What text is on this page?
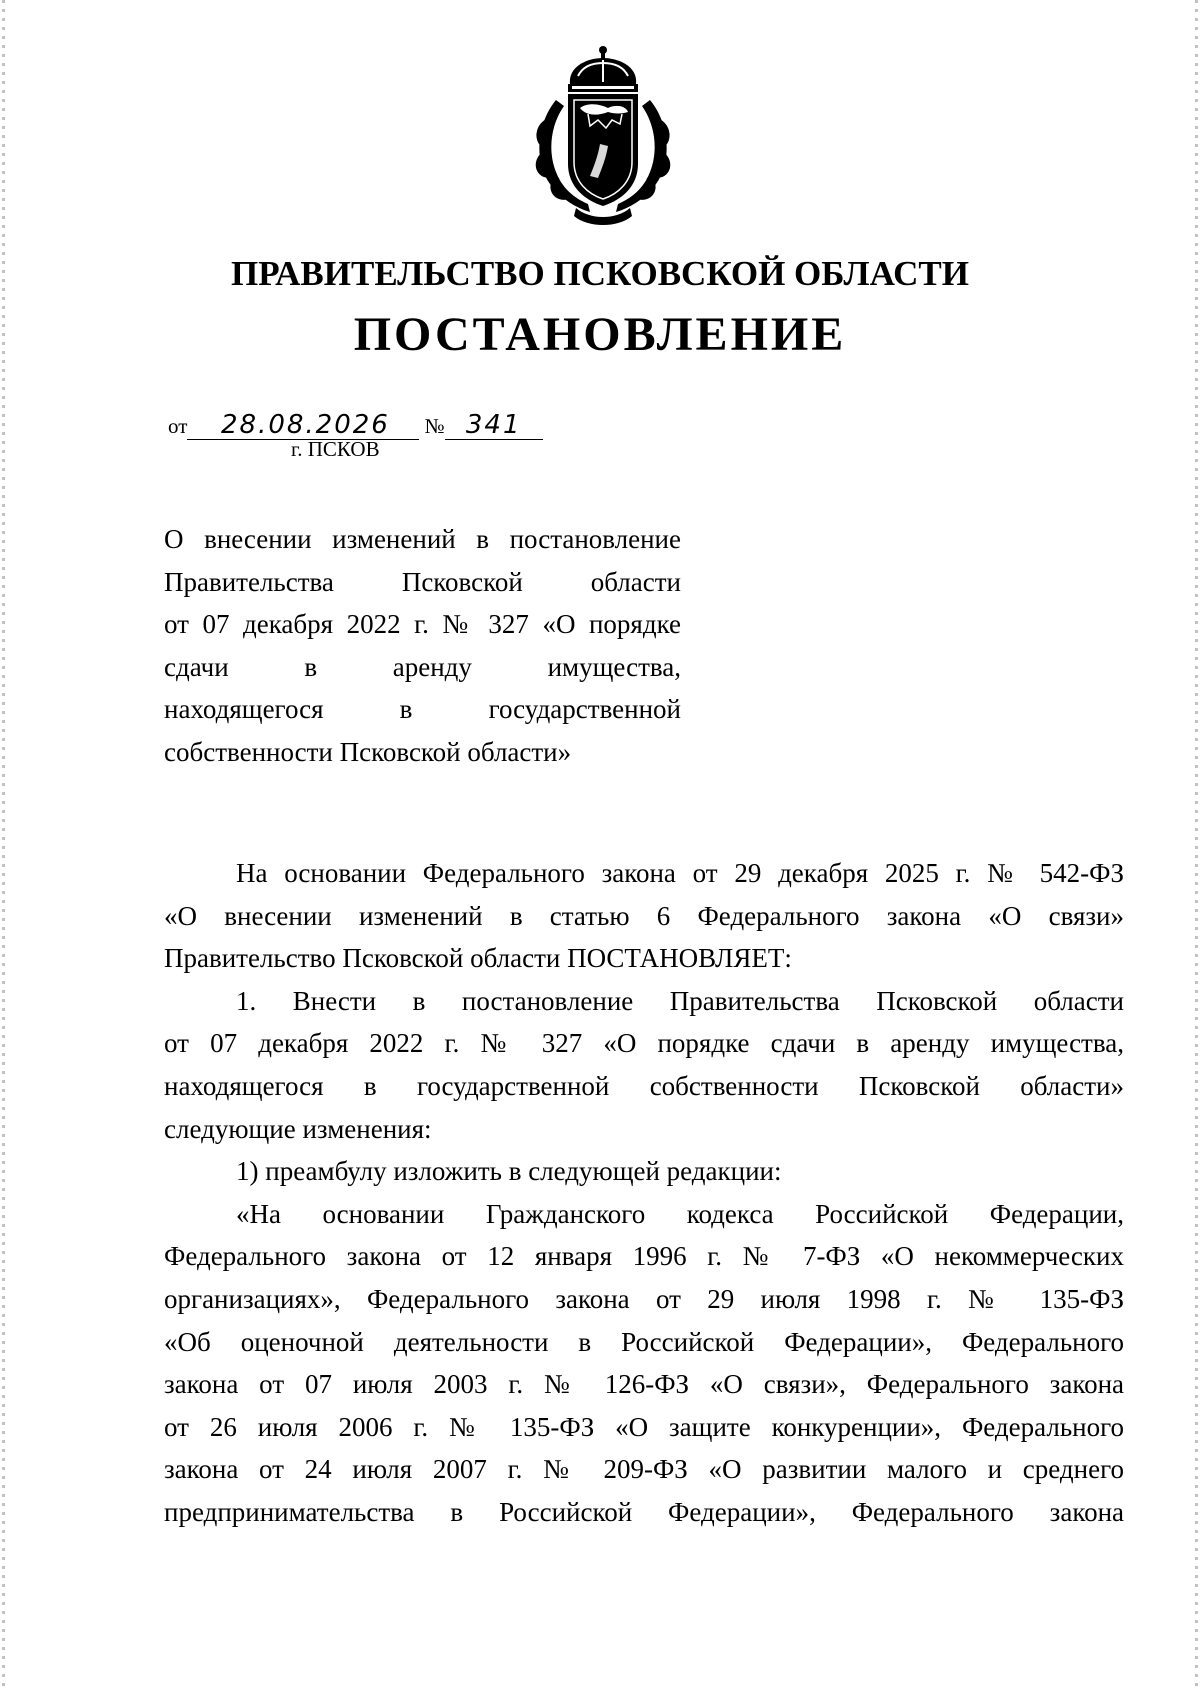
ПРАВИТЕЛЬСТВО ПСКОВСКОЙ ОБЛАСТИ
ПОСТАНОВЛЕНИЕ
от 28.08.2026 № 341
г. ПСКОВ
О внесении изменений в постановление
Правительства Псковской области
от 07 декабря 2022 г. № 327 «О порядке
сдачи в аренду имущества,
находящегося в государственной
собственности Псковской области»
На основании Федерального закона от 29 декабря 2025 г. № 542-ФЗ
«О внесении изменений в статью 6 Федерального закона «О связи»
Правительство Псковской области ПОСТАНОВЛЯЕТ:
1. Внести в постановление Правительства Псковской области
от 07 декабря 2022 г. № 327 «О порядке сдачи в аренду имущества,
находящегося в государственной собственности Псковской области»
следующие изменения:
1) преамбулу изложить в следующей редакции:
«На основании Гражданского кодекса Российской Федерации,
Федерального закона от 12 января 1996 г. № 7-ФЗ «О некоммерческих
организациях», Федерального закона от 29 июля 1998 г. № 135-ФЗ
«Об оценочной деятельности в Российской Федерации», Федерального
закона от 07 июля 2003 г. № 126-ФЗ «О связи», Федерального закона
от 26 июля 2006 г. № 135-ФЗ «О защите конкуренции», Федерального
закона от 24 июля 2007 г. № 209-ФЗ «О развитии малого и среднего
предпринимательства в Российской Федерации», Федерального закона
